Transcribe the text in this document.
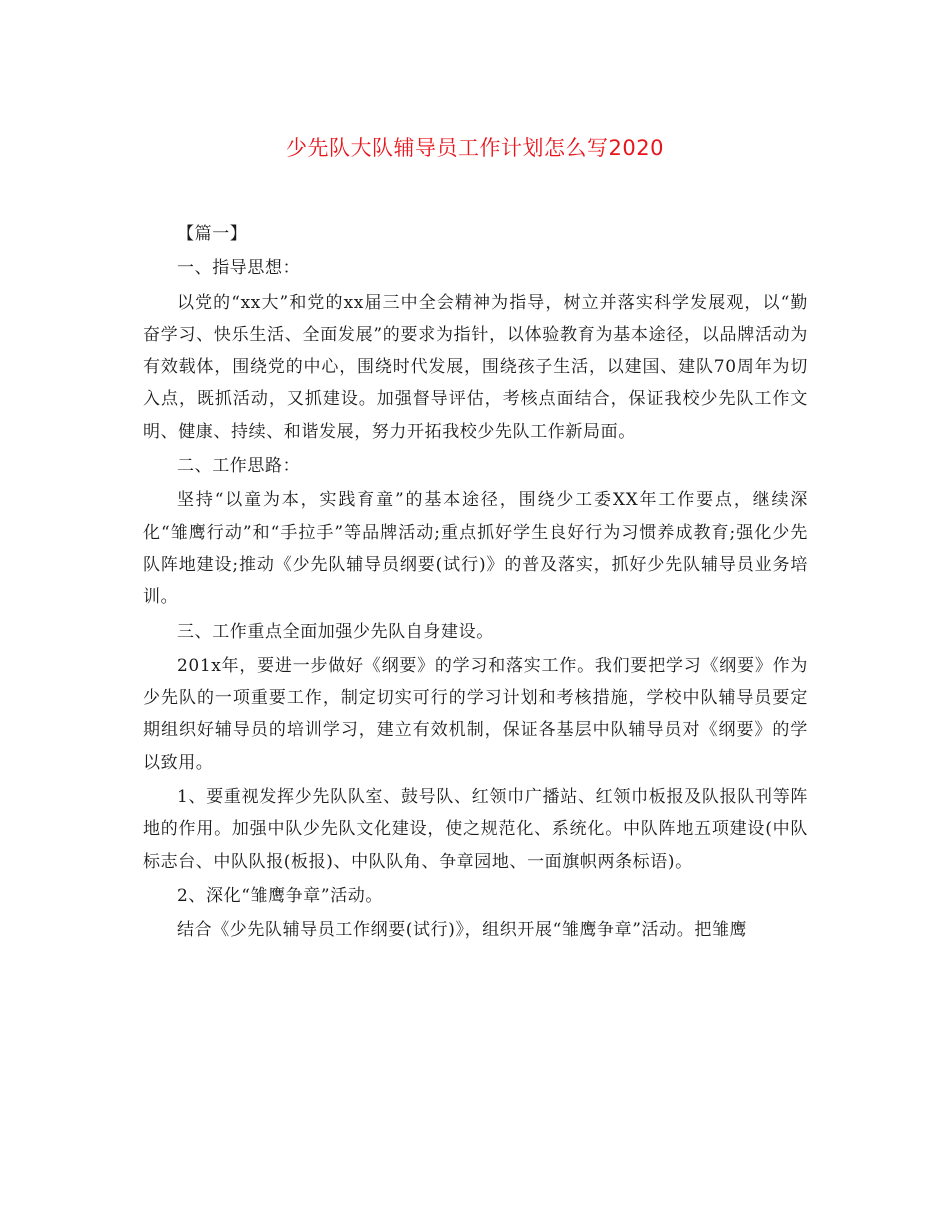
少先队大队辅导员工作计划怎么写2020

【篇一】

一、指导思想：

以党的“xx大”和党的xx届三中全会精神为指导，树立并落实科学发展观，以“勤奋学习、快乐生活、全面发展”的要求为指针，以体验教育为基本途径，以品牌活动为有效载体，围绕党的中心，围绕时代发展，围绕孩子生活，以建国、建队70周年为切入点，既抓活动，又抓建设。加强督导评估，考核点面结合，保证我校少先队工作文明、健康、持续、和谐发展，努力开拓我校少先队工作新局面。

二、工作思路：

坚持“以童为本，实践育童”的基本途径，围绕少工委XX年工作要点，继续深化“雏鹰行动”和“手拉手”等品牌活动;重点抓好学生良好行为习惯养成教育;强化少先队阵地建设;推动《少先队辅导员纲要(试行)》的普及落实，抓好少先队辅导员业务培训。

三、工作重点全面加强少先队自身建设。

201x年，要进一步做好《纲要》的学习和落实工作。我们要把学习《纲要》作为少先队的一项重要工作，制定切实可行的学习计划和考核措施，学校中队辅导员要定期组织好辅导员的培训学习，建立有效机制，保证各基层中队辅导员对《纲要》的学以致用。

1、要重视发挥少先队队室、鼓号队、红领巾广播站、红领巾板报及队报队刊等阵地的作用。加强中队少先队文化建设，使之规范化、系统化。中队阵地五项建设(中队标志台、中队队报(板报)、中队队角、争章园地、一面旗帜两条标语)。

2、深化“雏鹰争章”活动。

结合《少先队辅导员工作纲要(试行)》，组织开展“雏鹰争章”活动。把雏鹰
